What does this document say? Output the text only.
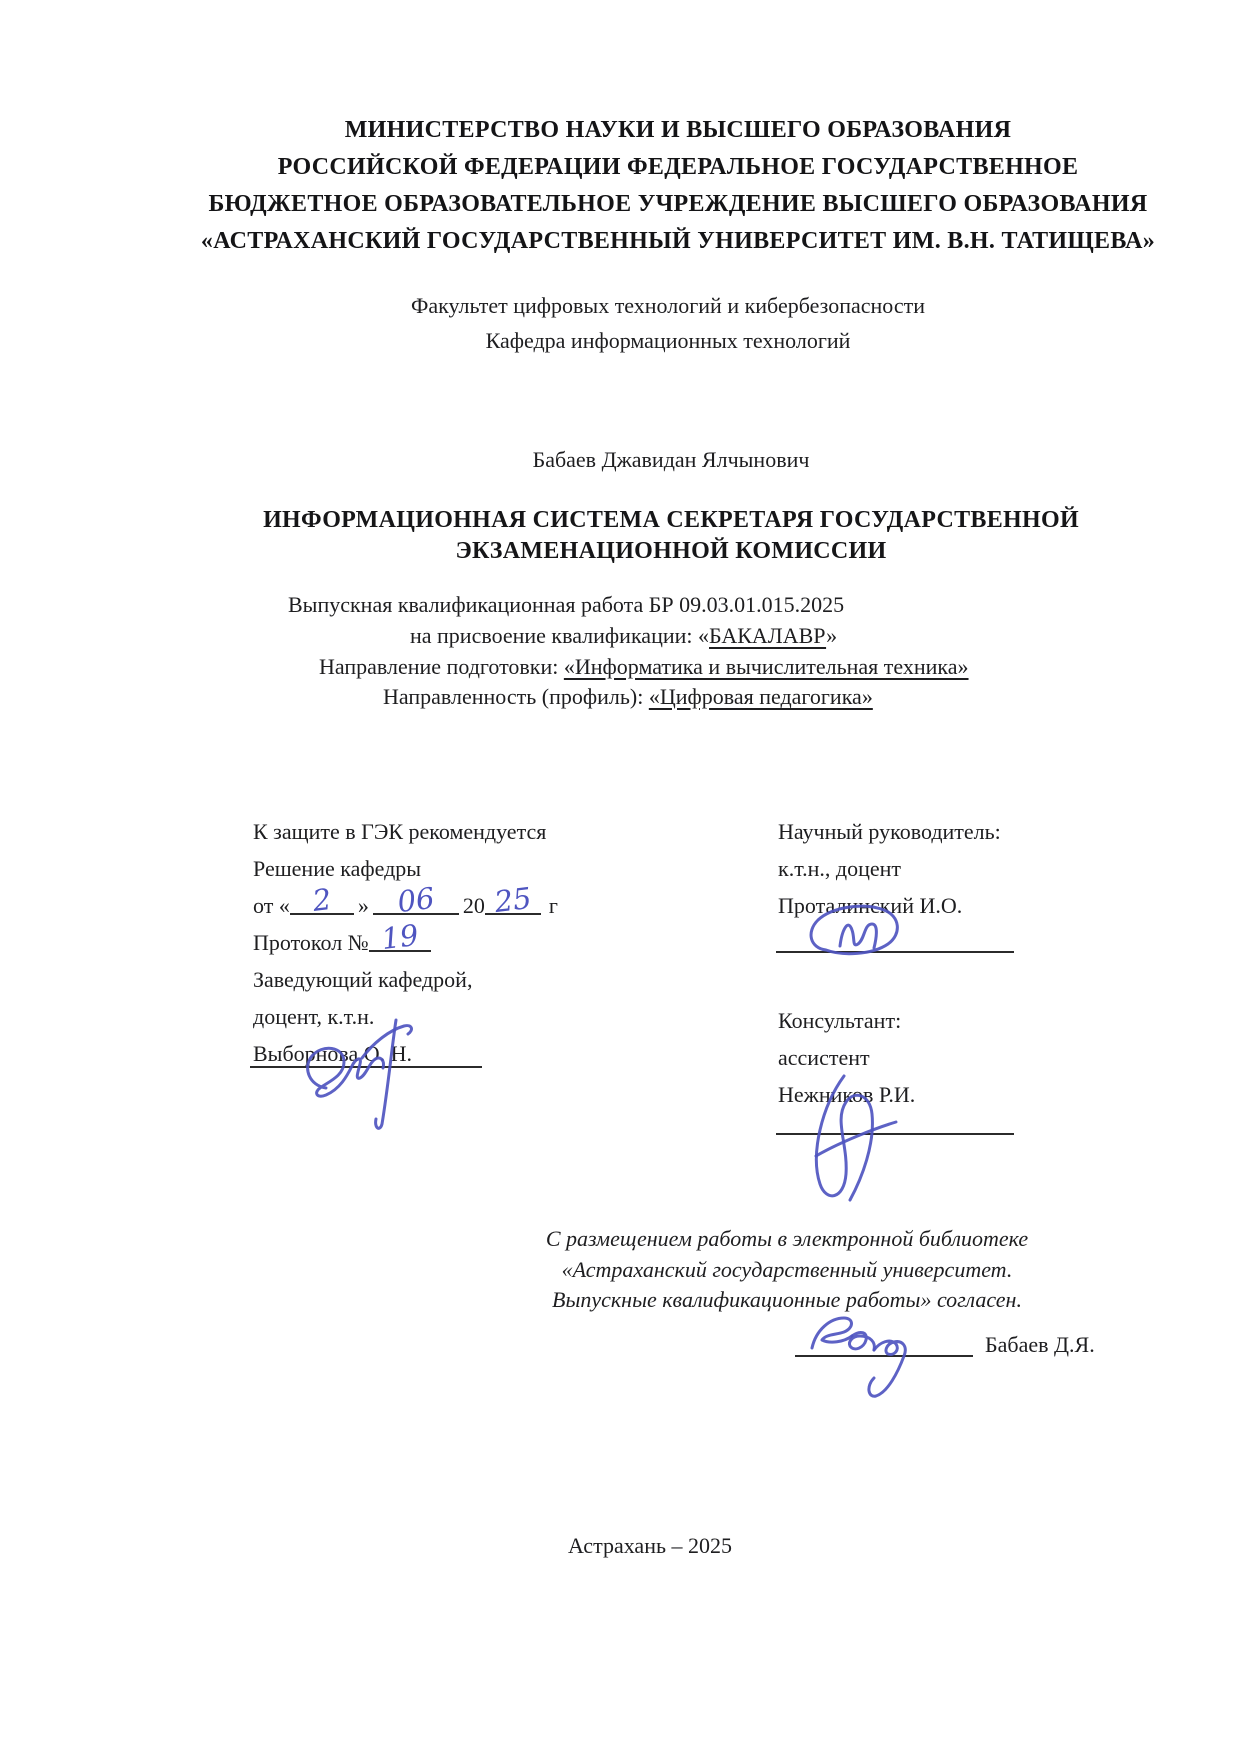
МИНИСТЕРСТВО НАУКИ И ВЫСШЕГО ОБРАЗОВАНИЯ
РОССИЙСКОЙ ФЕДЕРАЦИИ ФЕДЕРАЛЬНОЕ ГОСУДАРСТВЕННОЕ
БЮДЖЕТНОЕ ОБРАЗОВАТЕЛЬНОЕ УЧРЕЖДЕНИЕ ВЫСШЕГО ОБРАЗОВАНИЯ
«АСТРАХАНСКИЙ ГОСУДАРСТВЕННЫЙ УНИВЕРСИТЕТ ИМ. В.Н. ТАТИЩЕВА»
Факультет цифровых технологий и кибербезопасности
Кафедра информационных технологий
Бабаев Джавидан Ялчынович
ИНФОРМАЦИОННАЯ СИСТЕМА СЕКРЕТАРЯ ГОСУДАРСТВЕННОЙ
ЭКЗАМЕНАЦИОННОЙ КОМИССИИ
Выпускная квалификационная работа БР 09.03.01.015.2025
на присвоение квалификации: «БАКАЛАВР»
Направление подготовки: «Информатика и вычислительная техника»
Направленность (профиль): «Цифровая педагогика»
К защите в ГЭК рекомендуется
Решение кафедры
от « 2 » 06 20 25 г
Протокол № 19
Заведующий кафедрой,
доцент, к.т.н.
Выборнова О. Н.
Научный руководитель:
к.т.н., доцент
Проталинский И.О.
Консультант:
ассистент
Нежников Р.И.
С размещением работы в электронной библиотеке
«Астраханский государственный университет.
Выпускные квалификационные работы» согласен.
Бабаев Д.Я.
Астрахань – 2025
